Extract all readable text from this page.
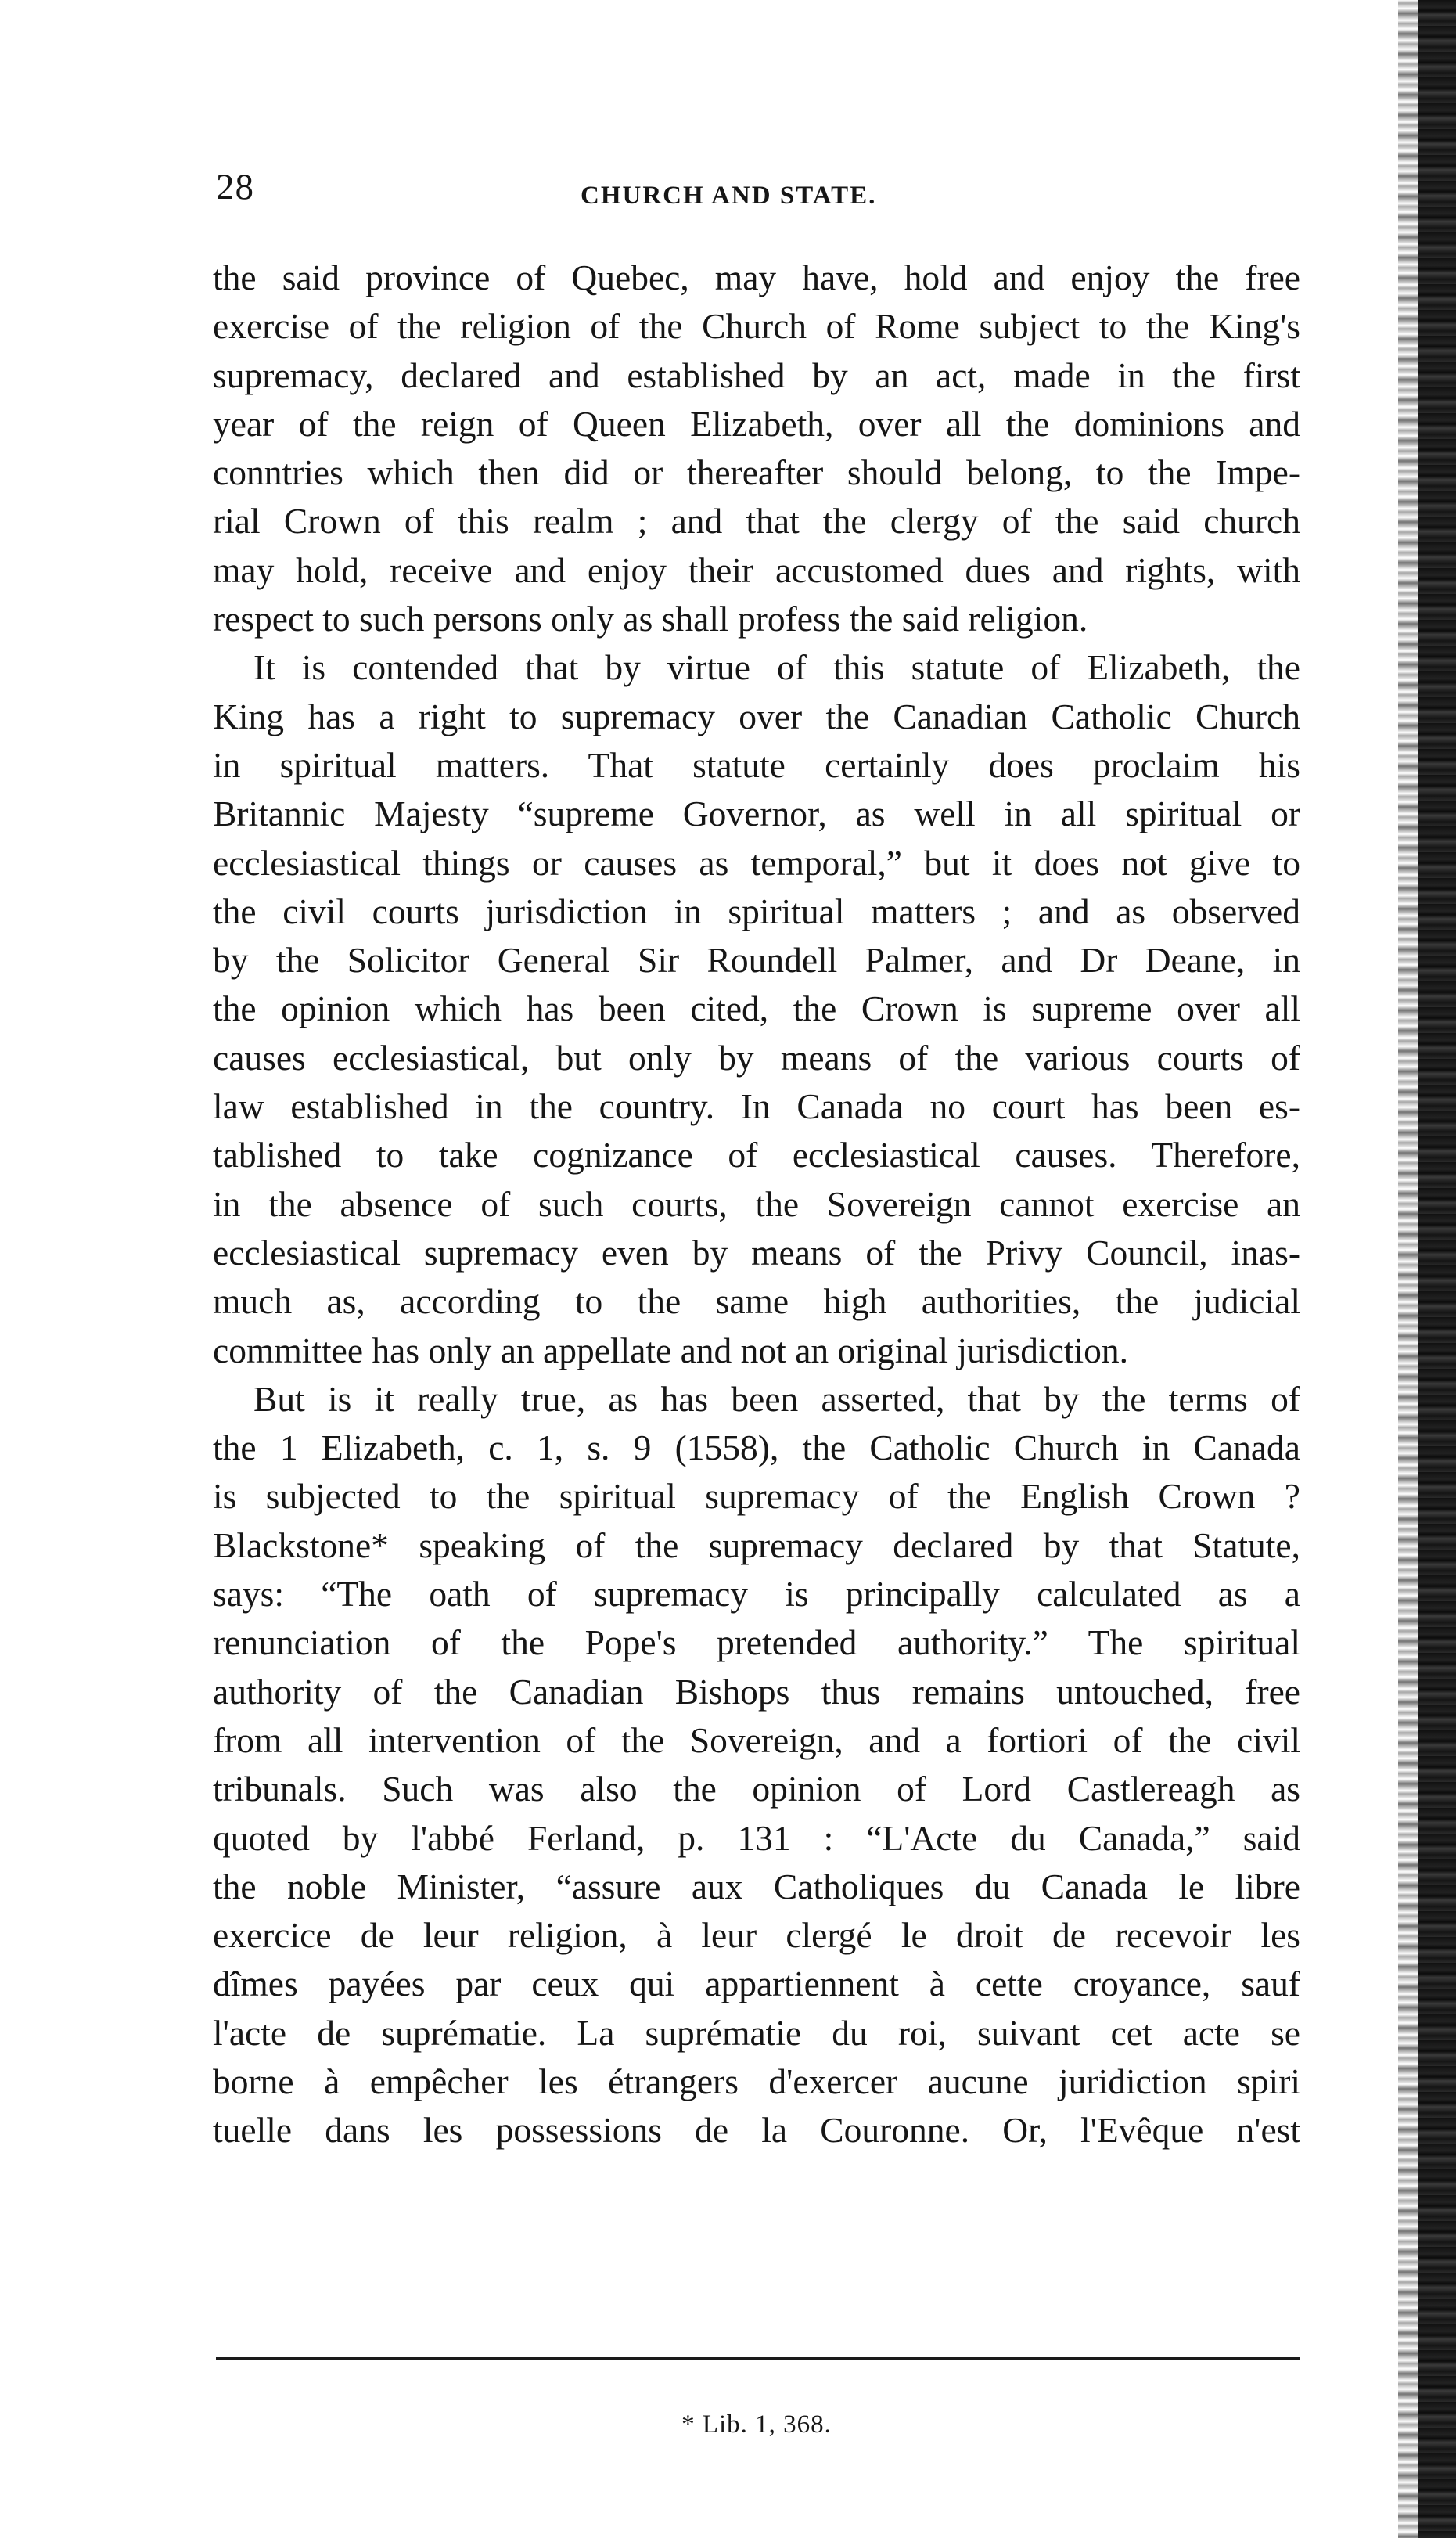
28	CHURCH AND STATE.
the said province of Quebec, may have, hold and enjoy the free
exercise of the religion of the Church of Rome subject to the King's
supremacy, declared and established by an act, made in the first
year of the reign of Queen Elizabeth, over all the dominions and
conntries which then did or thereafter should belong, to the Impe-
rial Crown of this realm ; and that the clergy of the said church
may hold, receive and enjoy their accustomed dues and rights, with
respect to such persons only as shall profess the said religion.
It is contended that by virtue of this statute of Elizabeth, the
King has a right to supremacy over the Canadian Catholic Church
in spiritual matters. That statute certainly does proclaim his
Britannic Majesty “supreme Governor, as well in all spiritual or
ecclesiastical things or causes as temporal,” but it does not give to
the civil courts jurisdiction in spiritual matters ; and as observed
by the Solicitor General Sir Roundell Palmer, and Dr Deane, in
the opinion which has been cited, the Crown is supreme over all
causes ecclesiastical, but only by means of the various courts of
law established in the country. In Canada no court has been es-
tablished to take cognizance of ecclesiastical causes. Therefore,
in the absence of such courts, the Sovereign cannot exercise an
ecclesiastical supremacy even by means of the Privy Council, inas-
much as, according to the same high authorities, the judicial
committee has only an appellate and not an original jurisdiction.
But is it really true, as has been asserted, that by the terms of
the 1 Elizabeth, c. 1, s. 9 (1558), the Catholic Church in Canada
is subjected to the spiritual supremacy of the English Crown ?
Blackstone* speaking of the supremacy declared by that Statute,
says: “The oath of supremacy is principally calculated as a
renunciation of the Pope's pretended authority.” The spiritual
authority of the Canadian Bishops thus remains untouched, free
from all intervention of the Sovereign, and a fortiori of the civil
tribunals. Such was also the opinion of Lord Castlereagh as
quoted by l'abbé Ferland, p. 131 : “L'Acte du Canada,” said
the noble Minister, “assure aux Catholiques du Canada le libre
exercice de leur religion, à leur clergé le droit de recevoir les
dîmes payées par ceux qui appartiennent à cette croyance, sauf
l'acte de suprématie. La suprématie du roi, suivant cet acte se
borne à empêcher les étrangers d'exercer aucune juridiction spiri
tuelle dans les possessions de la Couronne. Or, l'Evêque n'est
* Lib. 1, 368.
